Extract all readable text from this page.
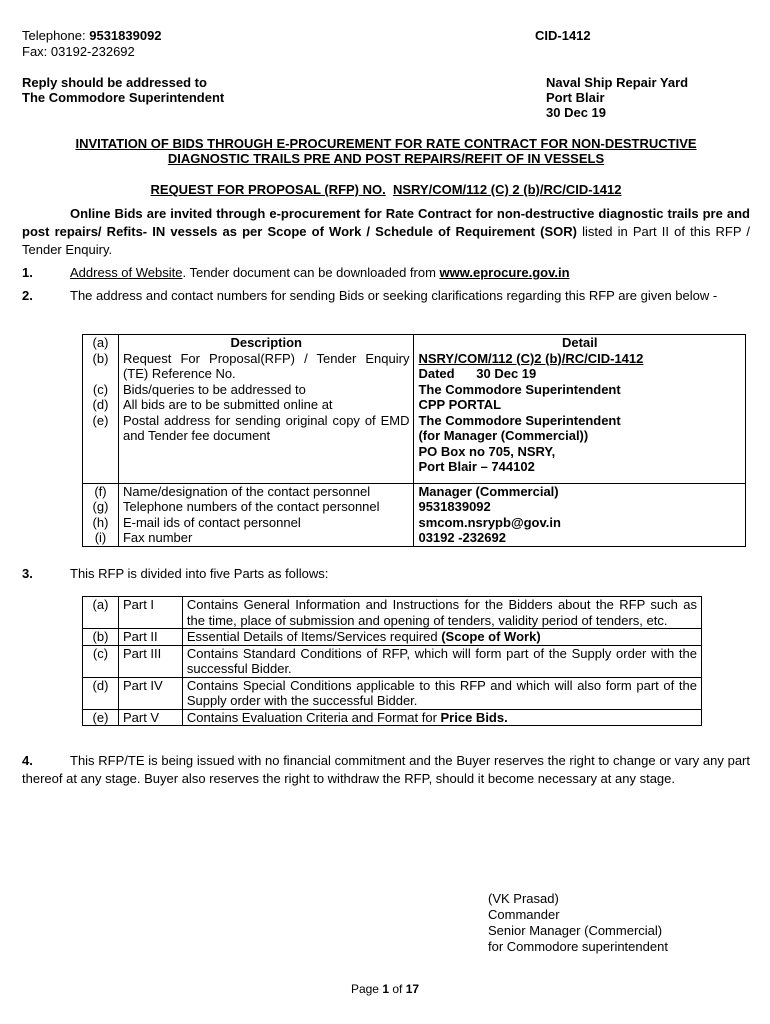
Telephone: 9531839092
Fax: 03192-232692
CID-1412
Reply should be addressed to
The Commodore Superintendent
Naval Ship Repair Yard
Port Blair
30 Dec 19
INVITATION OF BIDS THROUGH E-PROCUREMENT FOR RATE CONTRACT FOR NON-DESTRUCTIVE
DIAGNOSTIC TRAILS PRE AND POST REPAIRS/REFIT OF IN VESSELS
REQUEST FOR PROPOSAL (RFP) NO. NSRY/COM/112 (C) 2 (b)/RC/CID-1412
Online Bids are invited through e-procurement for Rate Contract for non-destructive diagnostic trails pre and post repairs/ Refits- IN vessels as per Scope of Work / Schedule of Requirement (SOR) listed in Part II of this RFP / Tender Enquiry.
1.	Address of Website. Tender document can be downloaded from www.eprocure.gov.in
2.	The address and contact numbers for sending Bids or seeking clarifications regarding this RFP are given below -
(a)	Description	Detail
(b)	Request For Proposal(RFP) / Tender Enquiry (TE) Reference No.	NSRY/COM/112 (C)2 (b)/RC/CID-1412
Dated      30 Dec 19
(c)	Bids/queries to be addressed to	The Commodore Superintendent
(d)	All bids are to be submitted online at	CPP PORTAL
(e)	Postal address for sending original copy of EMD and Tender fee document	The Commodore Superintendent
(for Manager (Commercial))
PO Box no 705, NSRY,
Port Blair – 744102
(f)	Name/designation of the contact personnel	Manager (Commercial)
(g)	Telephone numbers of the contact personnel	9531839092
(h)	E-mail ids of contact personnel	smcom.nsrypb@gov.in
(i)	Fax number	03192 -232692
3.	This RFP is divided into five Parts as follows:
(a)	Part I	Contains General Information and Instructions for the Bidders about the RFP such as the time, place of submission and opening of tenders, validity period of tenders, etc.
(b)	Part II	Essential Details of Items/Services required (Scope of Work)
(c)	Part III	Contains Standard Conditions of RFP, which will form part of the Supply order with the successful Bidder.
(d)	Part IV	Contains Special Conditions applicable to this RFP and which will also form part of the Supply order with the successful Bidder.
(e)	Part V	Contains Evaluation Criteria and Format for Price Bids.
4.	This RFP/TE is being issued with no financial commitment and the Buyer reserves the right to change or vary any part thereof at any stage. Buyer also reserves the right to withdraw the RFP, should it become necessary at any stage.
(VK Prasad)
Commander
Senior Manager (Commercial)
for Commodore superintendent
Page 1 of 17
